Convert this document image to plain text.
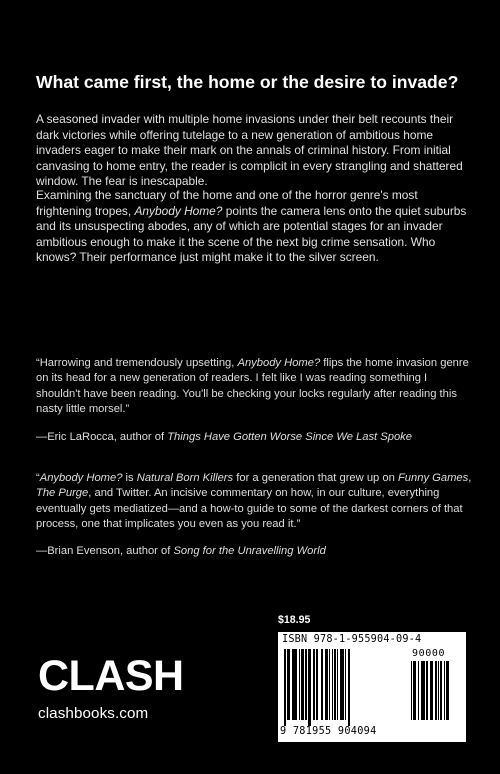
What came first, the home or the desire to invade?

A seasoned invader with multiple home invasions under their belt recounts their dark victories while offering tutelage to a new generation of ambitious home invaders eager to make their mark on the annals of criminal history. From initial canvasing to home entry, the reader is complicit in every strangling and shattered window. The fear is inescapable.

Examining the sanctuary of the home and one of the horror genre's most frightening tropes, Anybody Home? points the camera lens onto the quiet suburbs and its unsuspecting abodes, any of which are potential stages for an invader ambitious enough to make it the scene of the next big crime sensation. Who knows? Their performance just might make it to the silver screen.

“Harrowing and tremendously upsetting, Anybody Home? flips the home invasion genre on its head for a new generation of readers. I felt like I was reading something I shouldn't have been reading. You'll be checking your locks regularly after reading this nasty little morsel.”

—Eric LaRocca, author of Things Have Gotten Worse Since We Last Spoke

“Anybody Home? is Natural Born Killers for a generation that grew up on Funny Games, The Purge, and Twitter. An incisive commentary on how, in our culture, everything eventually gets mediatized—and a how-to guide to some of the darkest corners of that process, one that implicates you even as you read it.”

—Brian Evenson, author of Song for the Unravelling World

$18.95
ISBN 978-1-955904-09-4
90000
9 781955 904094
CLASH
clashbooks.com
